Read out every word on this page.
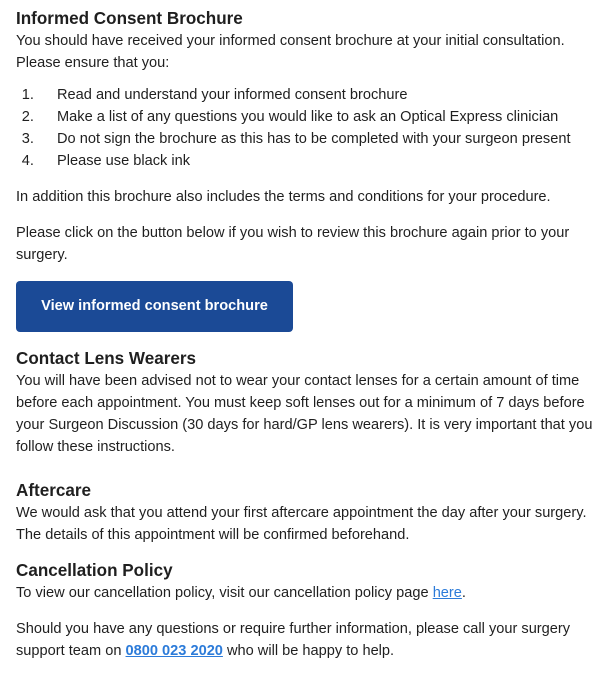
Informed Consent Brochure

You should have received your informed consent brochure at your initial consultation. Please ensure that you:

1. Read and understand your informed consent brochure
2. Make a list of any questions you would like to ask an Optical Express clinician
3. Do not sign the brochure as this has to be completed with your surgeon present
4. Please use black ink

In addition this brochure also includes the terms and conditions for your procedure.

Please click on the button below if you wish to review this brochure again prior to your surgery.

View informed consent brochure
Contact Lens Wearers

You will have been advised not to wear your contact lenses for a certain amount of time before each appointment. You must keep soft lenses out for a minimum of 7 days before your Surgeon Discussion (30 days for hard/GP lens wearers). It is very important that you follow these instructions.

Aftercare

We would ask that you attend your first aftercare appointment the day after your surgery. The details of this appointment will be confirmed beforehand.

Cancellation Policy

To view our cancellation policy, visit our cancellation policy page here.

Should you have any questions or require further information, please call your surgery support team on 0800 023 2020 who will be happy to help.
